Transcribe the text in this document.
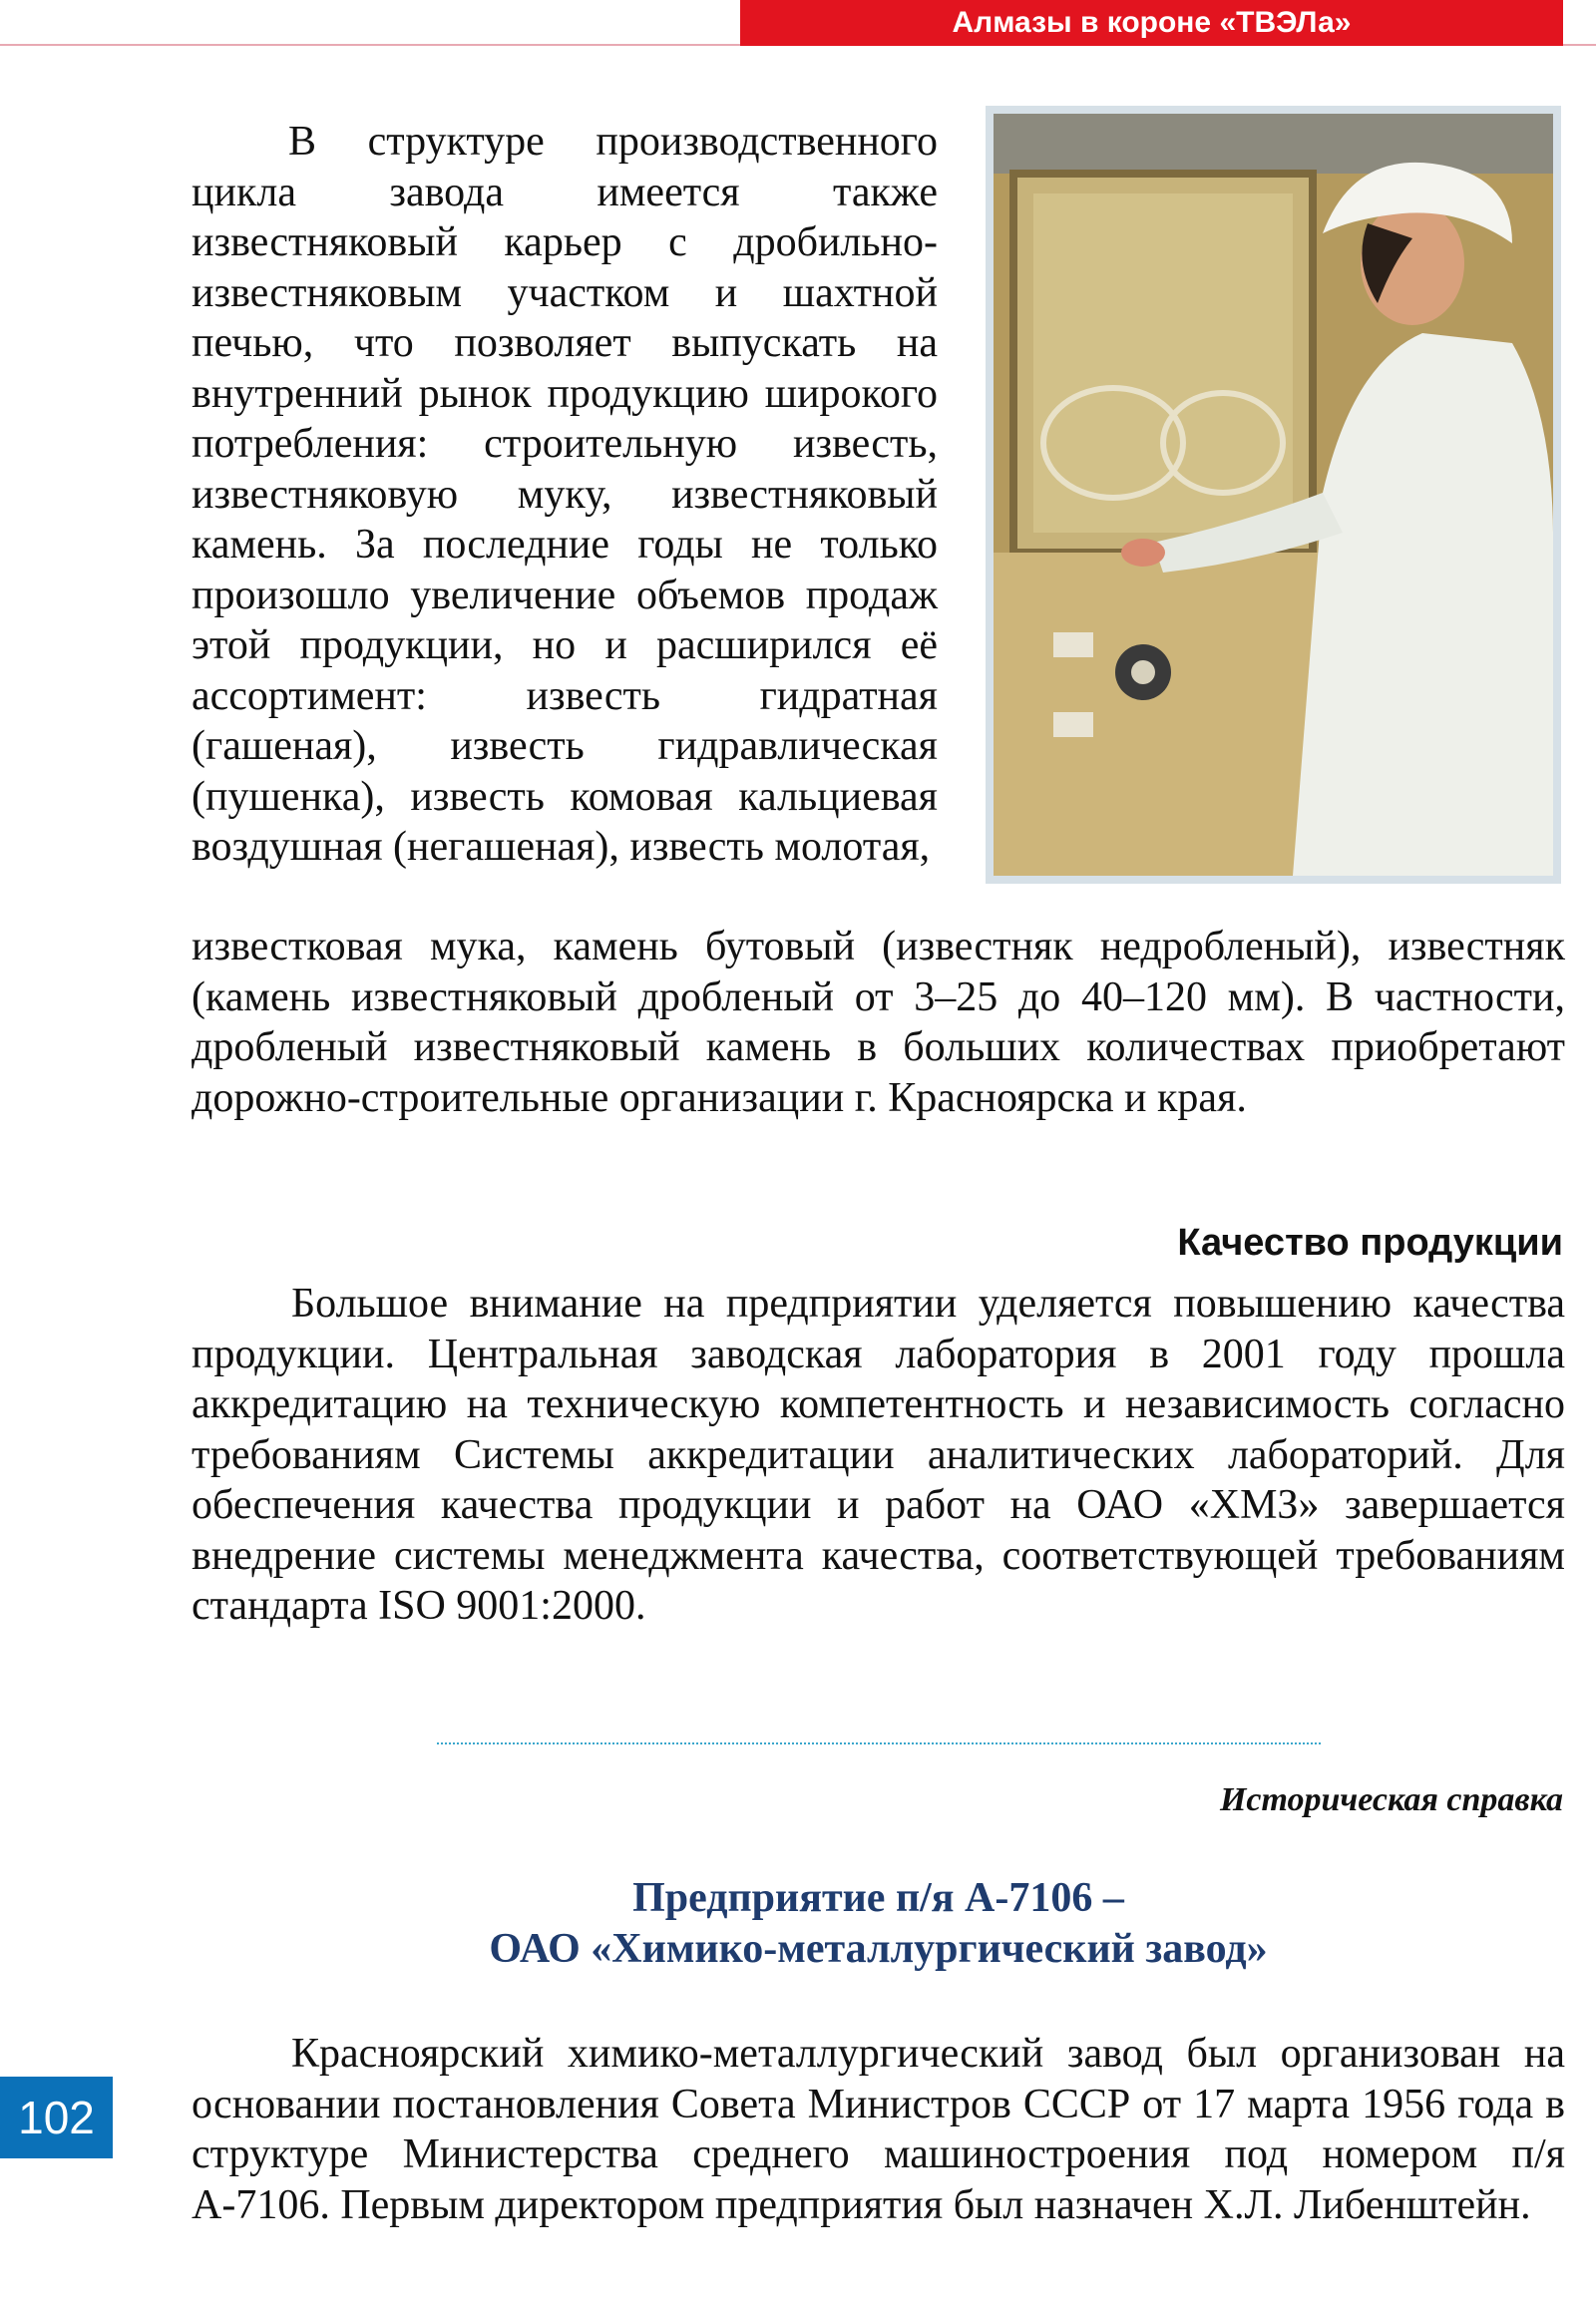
Алмазы в короне «ТВЭЛа»

В структуре производственного цикла завода имеется также известняковый карьер с дробильно-известняковым участком и шахтной печью, что позволяет выпускать на внутренний рынок продукцию широкого потребления: строительную известь, известняковую муку, известняковый камень. За последние годы не только произошло увеличение объемов продаж этой продукции, но и расширился её ассортимент: известь гидратная (гашеная), известь гидравлическая (пушенка), известь комовая кальциевая воздушная (негашеная), известь молотая,

известковая мука, камень бутовый (известняк недробленый), известняк (камень известняковый дробленый от 3–25 до 40–120 мм). В частности, дробленый известняковый камень в больших количествах приобретают дорожно-строительные организации г. Красноярска и края.

Качество продукции

Большое внимание на предприятии уделяется повышению качества продукции. Центральная заводская лаборатория в 2001 году прошла аккредитацию на техническую компетентность и независимость согласно требованиям Системы аккредитации аналитических лабораторий. Для обеспечения качества продукции и работ на ОАО «ХМЗ» завершается внедрение системы менеджмента качества, соответствующей требованиям стандарта ISO 9001:2000.

Историческая справка
Предприятие п/я А-7106 –
ОАО «Химико-металлургический завод»

Красноярский химико-металлургический завод был организован на основании постановления Совета Министров СССР от 17 марта 1956 года в структуре Министерства среднего машиностроения под номером п/я А-7106. Первым директором предприятия был назначен Х.Л. Либенштейн.

102
